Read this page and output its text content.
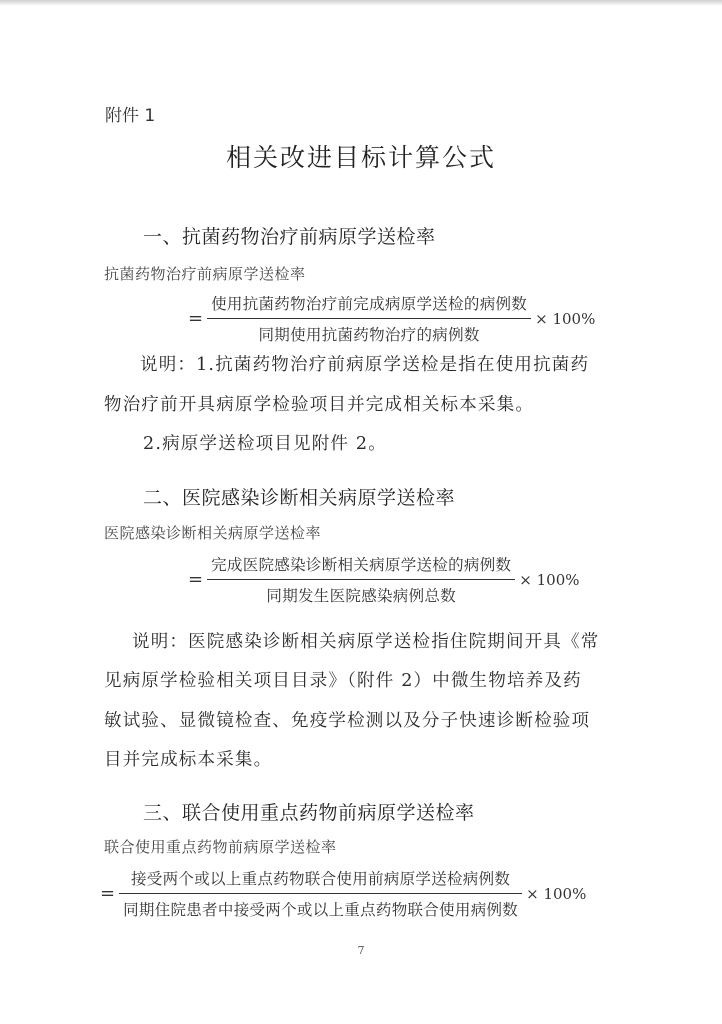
附件 1
相关改进目标计算公式
一、抗菌药物治疗前病原学送检率
抗菌药物治疗前病原学送检率
= $\frac{\text{使用抗菌药物治疗前完成病原学送检的病例数}}{\text{同期使用抗菌药物治疗的病例数}} \times 100\%$
说明：1.抗菌药物治疗前病原学送检是指在使用抗菌药
物治疗前开具病原学检验项目并完成相关标本采集。
2.病原学送检项目见附件 2。
二、医院感染诊断相关病原学送检率
医院感染诊断相关病原学送检率
= $\frac{\text{完成医院感染诊断相关病原学送检的病例数}}{\text{同期发生医院感染病例总数}} \times 100\%$
说明：医院感染诊断相关病原学送检指住院期间开具《常
见病原学检验相关项目目录》（附件 2）中微生物培养及药
敏试验、显微镜检查、免疫学检测以及分子快速诊断检验项
目并完成标本采集。
三、联合使用重点药物前病原学送检率
联合使用重点药物前病原学送检率
= $\frac{\text{接受两个或以上重点药物联合使用前病原学送检病例数}}{\text{同期住院患者中接受两个或以上重点药物联合使用病例数}} \times 100\%$
7
